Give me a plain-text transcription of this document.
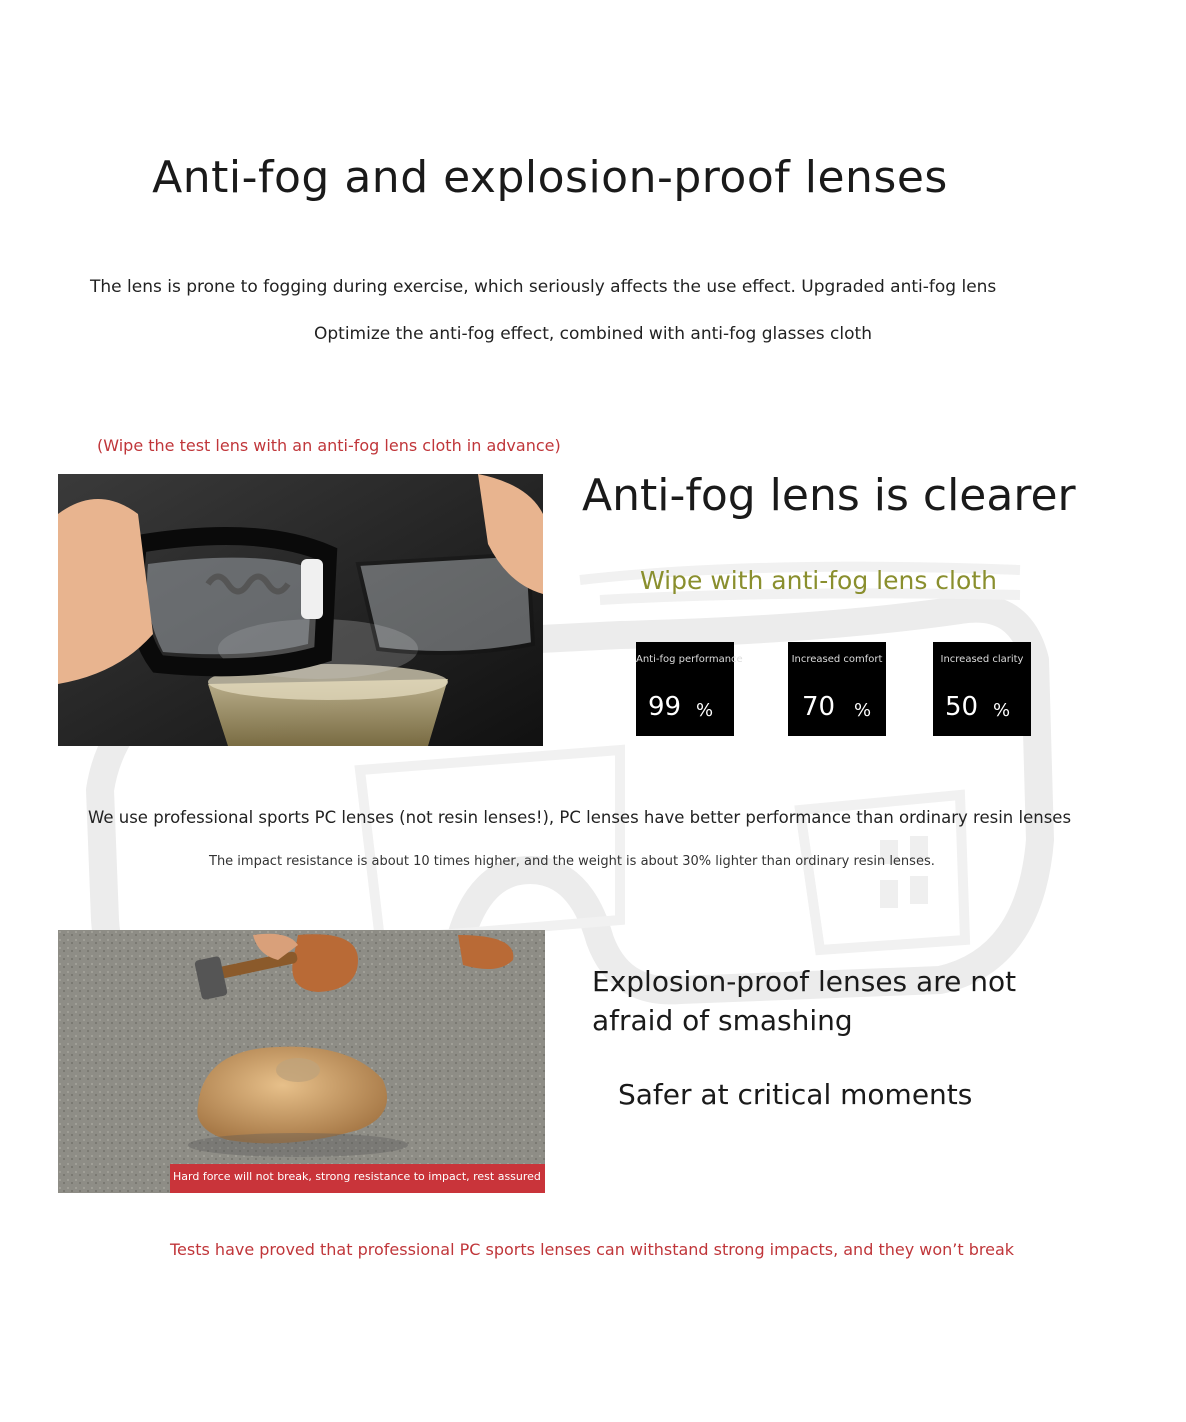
Anti-fog and explosion-proof lenses
The lens is prone to fogging during exercise, which seriously affects the use effect. Upgraded anti-fog lens
Optimize the anti-fog effect, combined with anti-fog glasses cloth
(Wipe the test lens with an anti-fog lens cloth in advance)
Anti-fog lens is clearer
Wipe with anti-fog lens cloth
Anti-fog performance
99 %
Increased comfort
70 %
Increased clarity
50 %
We use professional sports PC lenses (not resin lenses!), PC lenses have better performance than ordinary resin lenses
The impact resistance is about 10 times higher, and the weight is about 30% lighter than ordinary resin lenses.
Hard force will not break, strong resistance to impact, rest assured exercise
Explosion-proof lenses are not afraid of smashing
Safer at critical moments
Tests have proved that professional PC sports lenses can withstand strong impacts, and they won’t break
